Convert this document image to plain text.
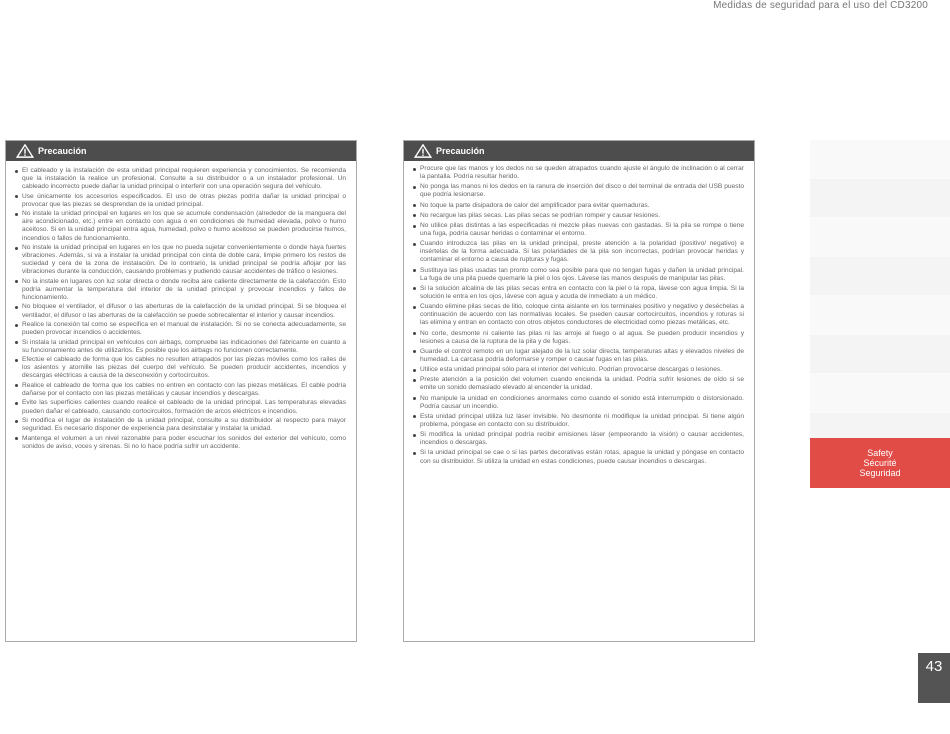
Medidas de seguridad para el uso del CD3200
Precaución
El cableado y la instalación de esta unidad principal requieren experiencia y conocimientos. Se recomienda que la instalación la realice un profesional. Consulte a su distribuidor o a un instalador profesional. Un cableado incorrecto puede dañar la unidad principal o interferir con una operación segura del vehículo.
Use únicamente los accesorios especificados. El uso de otras piezas podría dañar la unidad principal o provocar que las piezas se desprendan de la unidad principal.
No instale la unidad principal en lugares en los que se acumule condensación (alrededor de la manguera del aire acondicionado, etc.) entre en contacto con agua o en condiciones de humedad elevada, polvo o humo aceitoso. Si en la unidad principal entra agua, humedad, polvo o humo aceitoso se pueden producirse humos, incendios o fallos de funcionamiento.
No instale la unidad principal en lugares en los que no pueda sujetar convenientemente o donde haya fuertes vibraciones. Además, si va a instalar la unidad principal con cinta de doble cara, limpie primero los restos de suciedad y cera de la zona de instalación. De lo contrario, la unidad principal se podría aflojar por las vibraciones durante la conducción, causando problemas y pudiendo causar accidentes de tráfico o lesiones.
No la instale en lugares con luz solar directa o donde reciba aire caliente directamente de la calefacción. Esto podría aumentar la temperatura del interior de la unidad principal y provocar incendios y fallos de funcionamiento.
No bloquee el ventilador, el difusor o las aberturas de la calefacción de la unidad principal. Si se bloquea el ventilador, el difusor o las aberturas de la calefacción se puede sobrecalentar el interior y causar incendios.
Realice la conexión tal como se especifica en el manual de instalación. Si no se conecta adecuadamente, se pueden provocar incendios o accidentes.
Si instala la unidad principal en vehículos con airbags, compruebe las indicaciones del fabricante en cuanto a su funcionamiento antes de utilizarlos. Es posible que los airbags no funcionen correctamente.
Efectúe el cableado de forma que los cables no resulten atrapados por las piezas móviles como los raíles de los asientos y atornille las piezas del cuerpo del vehículo. Se pueden producir accidentes, incendios y descargas eléctricas a causa de la desconexión y cortocircuitos.
Realice el cableado de forma que los cables no entren en contacto con las piezas metálicas. El cable podría dañarse por el contacto con las piezas metálicas y causar incendios y descargas.
Evite las superficies calientes cuando realice el cableado de la unidad principal. Las temperaturas elevadas pueden dañar el cableado, causando cortocircuitos, formación de arcos eléctricos e incendios.
Si modifica el lugar de instalación de la unidad principal, consulte a su distribuidor al respecto para mayor seguridad. Es necesario disponer de experiencia para desinstalar y instalar la unidad.
Mantenga el volumen a un nivel razonable para poder escuchar los sonidos del exterior del vehículo, como sonidos de aviso, voces y sirenas. Si no lo hace podría sufrir un accidente.
Precaución
Procure que las manos y los dedos no se queden atrapados cuando ajuste el ángulo de inclinación o al cerrar la pantalla. Podría resultar herido.
No ponga las manos ni los dedos en la ranura de inserción del disco o del terminal de entrada del USB puesto que podría lesionarse.
No toque la parte disipadora de calor del amplificador para evitar quemaduras.
No recargue las pilas secas. Las pilas secas se podrían romper y causar lesiones.
No utilice pilas distintas a las especificadas ni mezcle pilas nuevas con gastadas. Si la pila se rompe o tiene una fuga, podría causar heridas o contaminar el entorno.
Cuando introduzca las pilas en la unidad principal, preste atención a la polaridad (positivo/ negativo) e insértelas de la forma adecuada. Si las polaridades de la pila son incorrectas, podrían provocar heridas y contaminar el entorno a causa de rupturas y fugas.
Sustituya las pilas usadas tan pronto como sea posible para que no tengan fugas y dañen la unidad principal. La fuga de una pila puede quemarle la piel o los ojos. Lávese las manos después de manipular las pilas.
Si la solución alcalina de las pilas secas entra en contacto con la piel o la ropa, lávese con agua limpia. Si la solución le entra en los ojos, lávese con agua y acuda de inmediato a un médico.
Cuando elimine pilas secas de litio, coloque cinta aislante en los terminales positivo y negativo y deséchelas a continuación de acuerdo con las normativas locales. Se pueden causar cortocircuitos, incendios y roturas si las elimina y entran en contacto con otros objetos conductores de electricidad como piezas metálicas, etc.
No corte, desmonte ni caliente las pilas ni las arroje al fuego o al agua. Se pueden producir incendios y lesiones a causa de la ruptura de la pila y de fugas.
Guarde el control remoto en un lugar alejado de la luz solar directa, temperaturas altas y elevados niveles de humedad. La carcasa podría deformarse y romper o causar fugas en las pilas.
Utilice esta unidad principal sólo para el interior del vehículo. Podrían provocarse descargas o lesiones.
Preste atención a la posición del volumen cuando encienda la unidad. Podría sufrir lesiones de oído si se emite un sonido demasiado elevado al encender la unidad.
No manipule la unidad en condiciones anormales como cuando el sonido está interrumpido o distorsionado. Podría causar un incendio.
Esta unidad principal utiliza luz láser invisible. No desmonte ni modifique la unidad principal. Si tiene algún problema, póngase en contacto con su distribuidor.
Si modifica la unidad principal podría recibir emisiones láser (empeorando la visión) o causar accidentes, incendios o descargas.
Si la unidad principal se cae o si las partes decorativas están rotas, apague la unidad y póngase en contacto con su distribuidor. Si utiliza la unidad en estas condiciones, puede causar incendios o descargas.
Safety
Sécurité
Seguridad
43
